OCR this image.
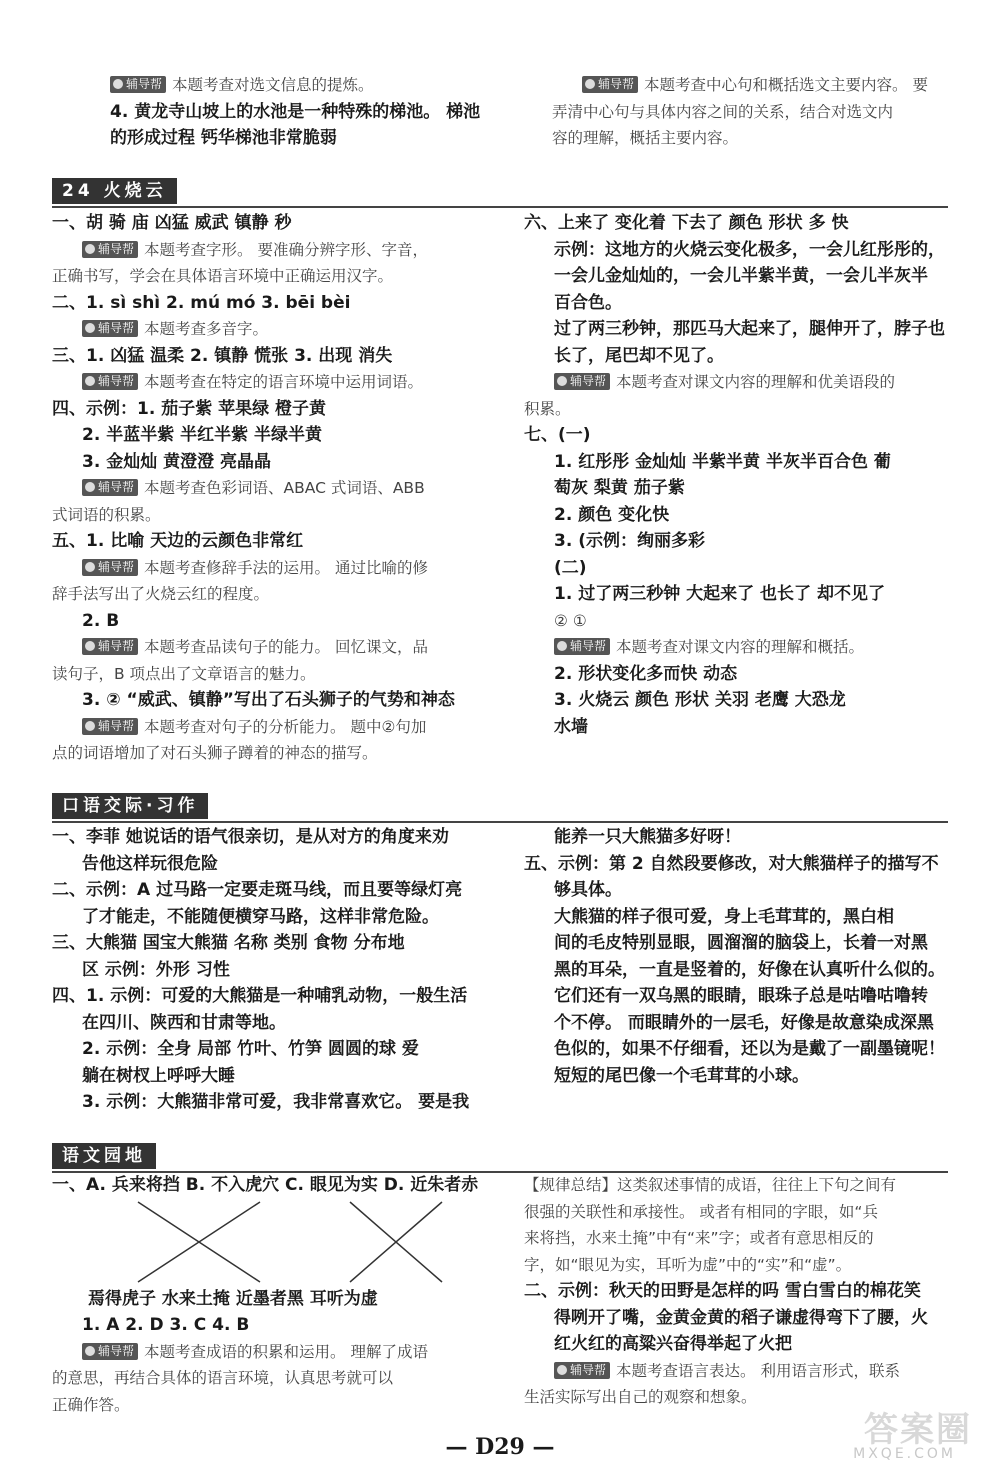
辅导帮 本题考查对选文信息的提炼。
4. 黄龙寺山坡上的水池是一种特殊的梯池。 梯池
的形成过程 钙华梯池非常脆弱
辅导帮 本题考查中心句和概括选文主要内容。 要
弄清中心句与具体内容之间的关系，结合对选文内
容的理解，概括主要内容。
24 火烧云
一、胡 骑 庙 凶猛 威武 镇静 秒
辅导帮 本题考查字形。 要准确分辨字形、字音，
正确书写，学会在具体语言环境中正确运用汉字。
二、1. sì shì 2. mú mó 3. bēi bèi
辅导帮 本题考查多音字。
三、1. 凶猛 温柔 2. 镇静 慌张 3. 出现 消失
辅导帮 本题考查在特定的语言环境中运用词语。
四、示例：1. 茄子紫 苹果绿 橙子黄
2. 半蓝半紫 半红半紫 半绿半黄
3. 金灿灿 黄澄澄 亮晶晶
辅导帮 本题考查色彩词语、ABAC 式词语、ABB
式词语的积累。
五、1. 比喻 天边的云颜色非常红
辅导帮 本题考查修辞手法的运用。 通过比喻的修
辞手法写出了火烧云红的程度。
2. B
辅导帮 本题考查品读句子的能力。 回忆课文，品
读句子，B 项点出了文章语言的魅力。
3. ② “威武、镇静”写出了石头狮子的气势和神态
辅导帮 本题考查对句子的分析能力。 题中②句加
点的词语增加了对石头狮子蹲着的神态的描写。
六、上来了 变化着 下去了 颜色 形状 多 快
示例：这地方的火烧云变化极多，一会儿红彤彤的，
一会儿金灿灿的，一会儿半紫半黄，一会儿半灰半
百合色。
过了两三秒钟，那匹马大起来了，腿伸开了，脖子也
长了，尾巴却不见了。
辅导帮 本题考查对课文内容的理解和优美语段的
积累。
七、(一)
1. 红彤彤 金灿灿 半紫半黄 半灰半百合色 葡
萄灰 梨黄 茄子紫
2. 颜色 变化快
3. (示例：绚丽多彩
(二)
1. 过了两三秒钟 大起来了 也长了 却不见了
② ①
辅导帮 本题考查对课文内容的理解和概括。
2. 形状变化多而快 动态
3. 火烧云 颜色 形状 关羽 老鹰 大恐龙
水墙
口语交际·习作
一、李菲 她说话的语气很亲切，是从对方的角度来劝
告他这样玩很危险
二、示例：A 过马路一定要走斑马线，而且要等绿灯亮
了才能走，不能随便横穿马路，这样非常危险。
三、大熊猫 国宝大熊猫 名称 类别 食物 分布地
区 示例：外形 习性
四、1. 示例：可爱的大熊猫是一种哺乳动物，一般生活
在四川、陕西和甘肃等地。
2. 示例：全身 局部 竹叶、竹笋 圆圆的球 爱
躺在树杈上呼呼大睡
3. 示例：大熊猫非常可爱，我非常喜欢它。 要是我
能养一只大熊猫多好呀！
五、示例：第 2 自然段要修改，对大熊猫样子的描写不
够具体。
大熊猫的样子很可爱，身上毛茸茸的，黑白相
间的毛皮特别显眼，圆溜溜的脑袋上，长着一对黑
黑的耳朵，一直是竖着的，好像在认真听什么似的。
它们还有一双乌黑的眼睛，眼珠子总是咕噜咕噜转
个不停。 而眼睛外的一层毛，好像是故意染成深黑
色似的，如果不仔细看，还以为是戴了一副墨镜呢！
短短的尾巴像一个毛茸茸的小球。
语文园地
一、A. 兵来将挡 B. 不入虎穴 C. 眼见为实 D. 近朱者赤
焉得虎子 水来土掩 近墨者黑 耳听为虚
1. A 2. D 3. C 4. B
辅导帮 本题考查成语的积累和运用。 理解了成语
的意思，再结合具体的语言环境，认真思考就可以
正确作答。
【规律总结】这类叙述事情的成语，往往上下句之间有
很强的关联性和承接性。 或者有相同的字眼，如“兵
来将挡，水来土掩”中有“来”字；或者有意思相反的
字，如“眼见为实，耳听为虚”中的“实”和“虚”。
二、示例：秋天的田野是怎样的吗 雪白雪白的棉花笑
得咧开了嘴，金黄金黄的稻子谦虚得弯下了腰，火
红火红的高粱兴奋得举起了火把
辅导帮 本题考查语言表达。 利用语言形式，联系
生活实际写出自己的观察和想象。
— D29 —	答案圈
MXQE.COM
